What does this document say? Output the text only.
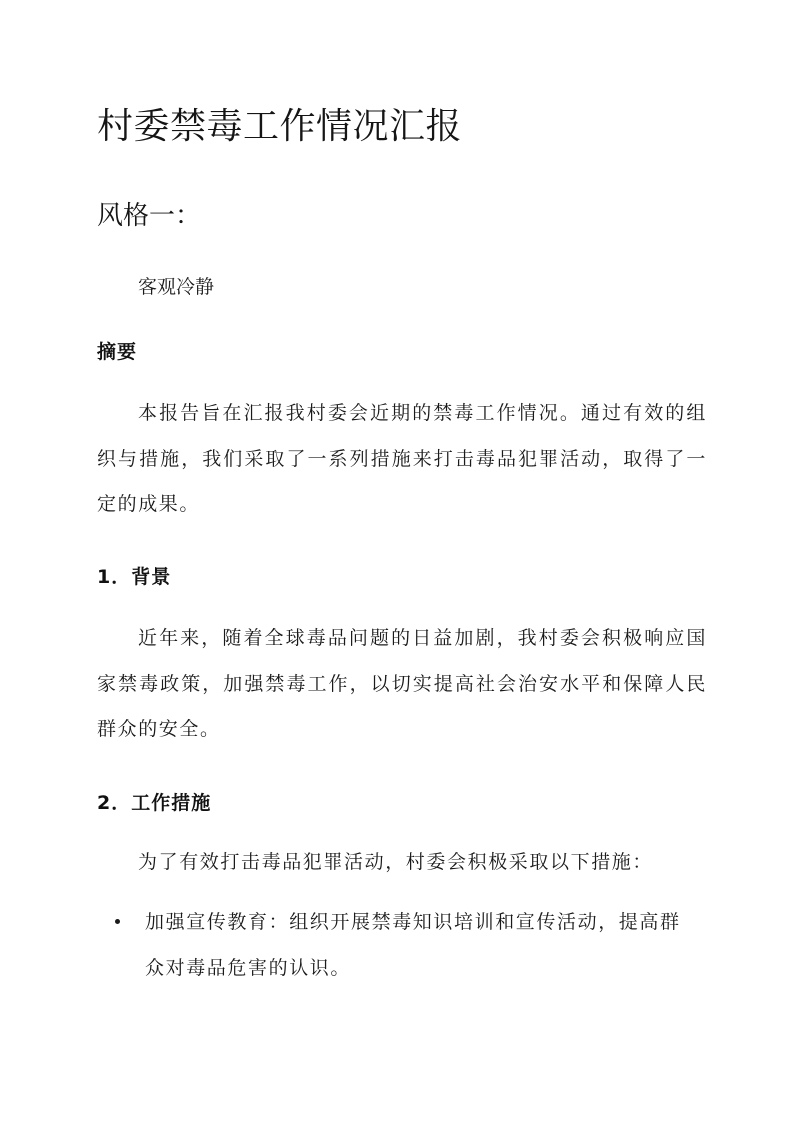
村委禁毒工作情况汇报
风格一：

客观冷静

摘要

本报告旨在汇报我村委会近期的禁毒工作情况。通过有效的组织与措施，我们采取了一系列措施来打击毒品犯罪活动，取得了一定的成果。

1．背景

近年来，随着全球毒品问题的日益加剧，我村委会积极响应国家禁毒政策，加强禁毒工作，以切实提高社会治安水平和保障人民群众的安全。

2．工作措施

为了有效打击毒品犯罪活动，村委会积极采取以下措施：

加强宣传教育：组织开展禁毒知识培训和宣传活动，提高群众对毒品危害的认识。
